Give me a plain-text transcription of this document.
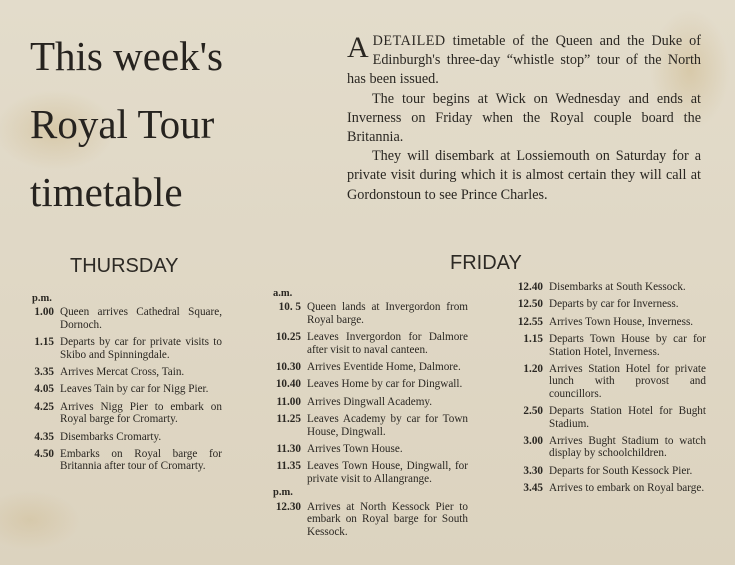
This week's
Royal Tour
timetable

ADETAILED timetable of the Queen and the Duke of Edinburgh's three-day “whistle stop” tour of the North has been issued.

The tour begins at Wick on Wednesday and ends at Inverness on Friday when the Royal couple board the Britannia.

They will disembark at Lossiemouth on Saturday for a private visit during which it is almost certain they will call at Gordonstoun to see Prince Charles.

THURSDAY	FRIDAY
p.m.
1.00 Queen arrives Cathedral Square, Dornoch.
1.15 Departs by car for private visits to Skibo and Spinningdale.
3.35 Arrives Mercat Cross, Tain.
4.05 Leaves Tain by car for Nigg Pier.
4.25 Arrives Nigg Pier to embark on Royal barge for Cromarty.
4.35 Disembarks Cromarty.
4.50 Embarks on Royal barge for Britannia after tour of Cromarty.
a.m.
10. 5 Queen lands at Invergordon from Royal barge.
10.25 Leaves Invergordon for Dalmore after visit to naval canteen.
10.30 Arrives Eventide Home, Dalmore.
10.40 Leaves Home by car for Dingwall.
11.00 Arrives Dingwall Academy.
11.25 Leaves Academy by car for Town House, Dingwall.
11.30 Arrives Town House.
11.35 Leaves Town House, Dingwall, for private visit to Allangrange.
p.m.
12.30 Arrives at North Kessock Pier to embark on Royal barge for South Kessock.
12.40 Disembarks at South Kessock.
12.50 Departs by car for Inverness.
12.55 Arrives Town House, Inverness.
1.15 Departs Town House by car for Station Hotel, Inverness.
1.20 Arrives Station Hotel for private lunch with provost and councillors.
2.50 Departs Station Hotel for Bught Stadium.
3.00 Arrives Bught Stadium to watch display by schoolchildren.
3.30 Departs for South Kessock Pier.
3.45 Arrives to embark on Royal barge.
